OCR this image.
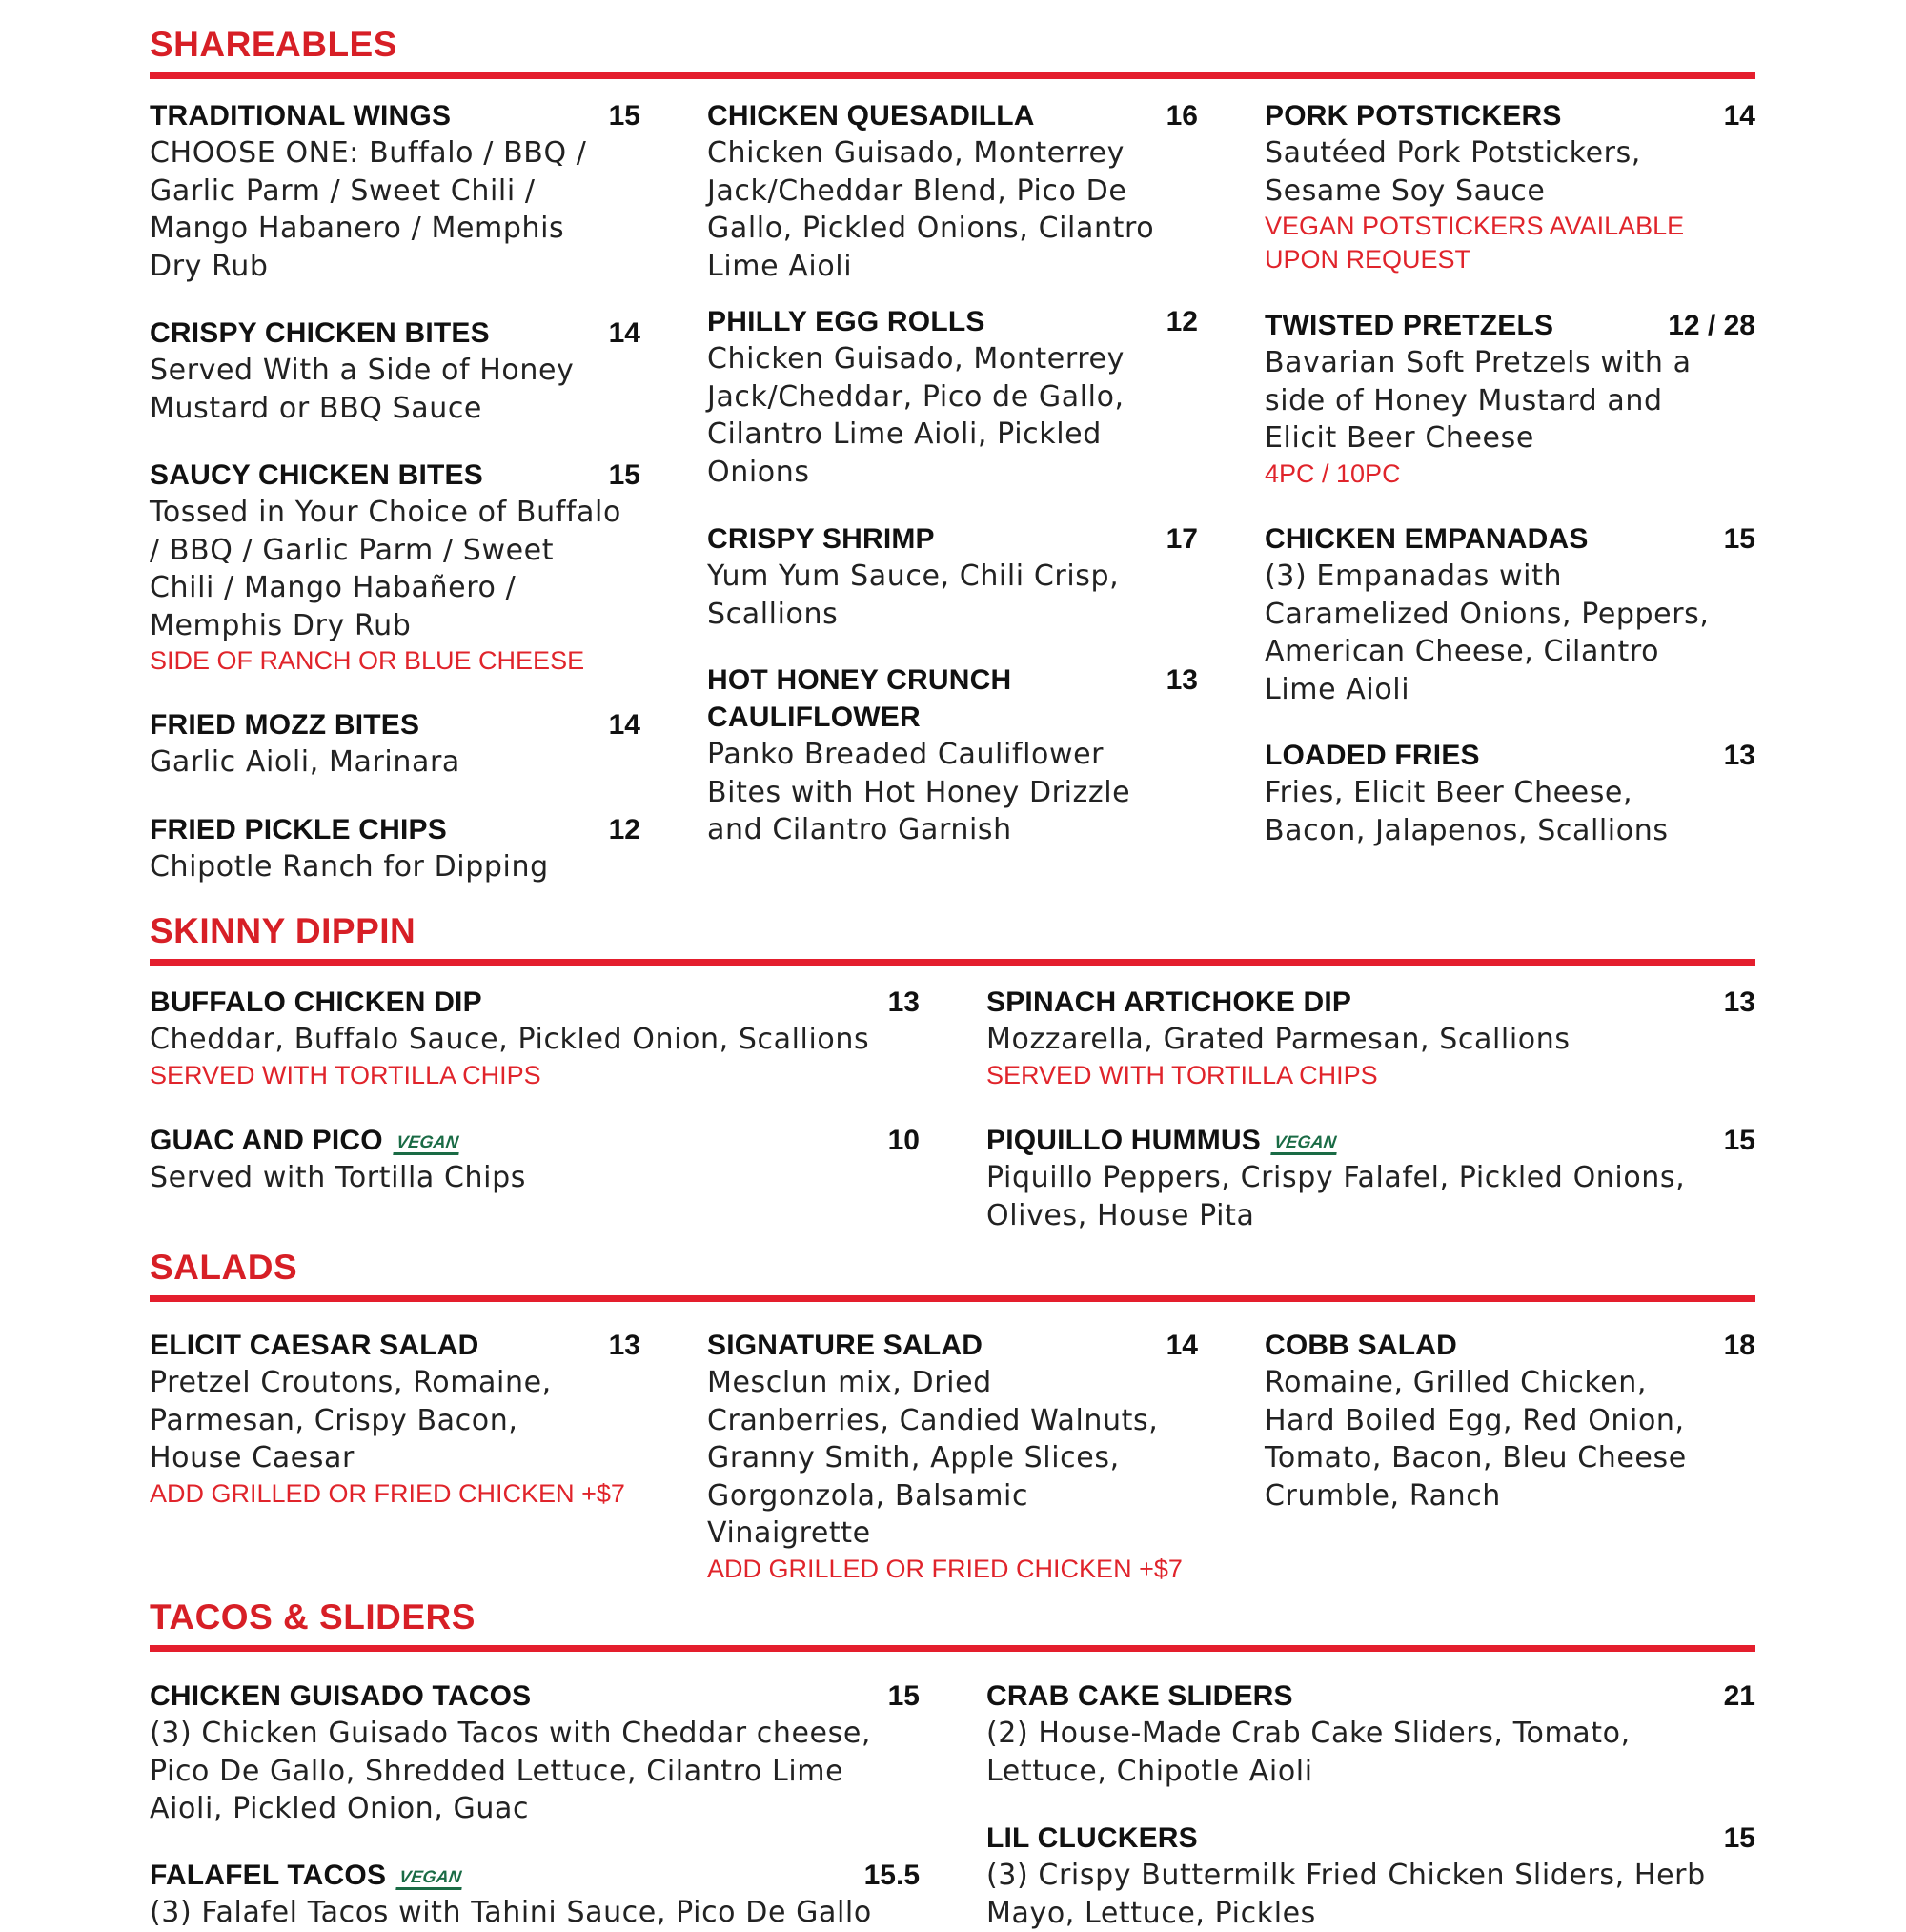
SHAREABLES
TRADITIONAL WINGS	15
CHOOSE ONE: Buffalo / BBQ / Garlic Parm / Sweet Chili / Mango Habanero / Memphis Dry Rub
CRISPY CHICKEN BITES	14
Served With a Side of Honey Mustard or BBQ Sauce
SAUCY CHICKEN BITES	15
Tossed in Your Choice of Buffalo / BBQ / Garlic Parm / Sweet Chili / Mango Habañero / Memphis Dry Rub
SIDE OF RANCH OR BLUE CHEESE
FRIED MOZZ BITES	14
Garlic Aioli, Marinara
FRIED PICKLE CHIPS	12
Chipotle Ranch for Dipping
CHICKEN QUESADILLA	16
Chicken Guisado, Monterrey Jack/Cheddar Blend, Pico De Gallo, Pickled Onions, Cilantro Lime Aioli
PHILLY EGG ROLLS	12
Chicken Guisado, Monterrey Jack/Cheddar, Pico de Gallo, Cilantro Lime Aioli, Pickled Onions
CRISPY SHRIMP	17
Yum Yum Sauce, Chili Crisp, Scallions
HOT HONEY CRUNCH CAULIFLOWER
13
Panko Breaded Cauliflower Bites with Hot Honey Drizzle and Cilantro Garnish
PORK POTSTICKERS	14
Sautéed Pork Potstickers, Sesame Soy Sauce
VEGAN POTSTICKERS AVAILABLE UPON REQUEST
TWISTED PRETZELS	12 / 28
Bavarian Soft Pretzels with a side of Honey Mustard and Elicit Beer Cheese
4PC / 10PC
CHICKEN EMPANADAS	15
(3) Empanadas with Caramelized Onions, Peppers, American Cheese, Cilantro Lime Aioli
LOADED FRIES	13
Fries, Elicit Beer Cheese, Bacon, Jalapenos, Scallions
SKINNY DIPPIN
BUFFALO CHICKEN DIP	13
Cheddar, Buffalo Sauce, Pickled Onion, Scallions
SERVED WITH TORTILLA CHIPS
GUAC AND PICO VEGAN	10
Served with Tortilla Chips
SPINACH ARTICHOKE DIP	13
Mozzarella, Grated Parmesan, Scallions
SERVED WITH TORTILLA CHIPS
PIQUILLO HUMMUS VEGAN	15
Piquillo Peppers, Crispy Falafel, Pickled Onions, Olives, House Pita
SALADS
ELICIT CAESAR SALAD	13
Pretzel Croutons, Romaine, Parmesan, Crispy Bacon, House Caesar
ADD GRILLED OR FRIED CHICKEN +$7
SIGNATURE SALAD	14
Mesclun mix, Dried Cranberries, Candied Walnuts, Granny Smith, Apple Slices, Gorgonzola, Balsamic Vinaigrette
ADD GRILLED OR FRIED CHICKEN +$7
COBB SALAD	18
Romaine, Grilled Chicken, Hard Boiled Egg, Red Onion, Tomato, Bacon, Bleu Cheese Crumble, Ranch
TACOS & SLIDERS
CHICKEN GUISADO TACOS	15
(3) Chicken Guisado Tacos with Cheddar cheese, Pico De Gallo, Shredded Lettuce, Cilantro Lime Aioli, Pickled Onion, Guac
FALAFEL TACOS VEGAN	15.5
(3) Falafel Tacos with Tahini Sauce, Pico De Gallo
CRAB CAKE SLIDERS	21
(2) House-Made Crab Cake Sliders, Tomato, Lettuce, Chipotle Aioli
LIL CLUCKERS	15
(3) Crispy Buttermilk Fried Chicken Sliders, Herb Mayo, Lettuce, Pickles
